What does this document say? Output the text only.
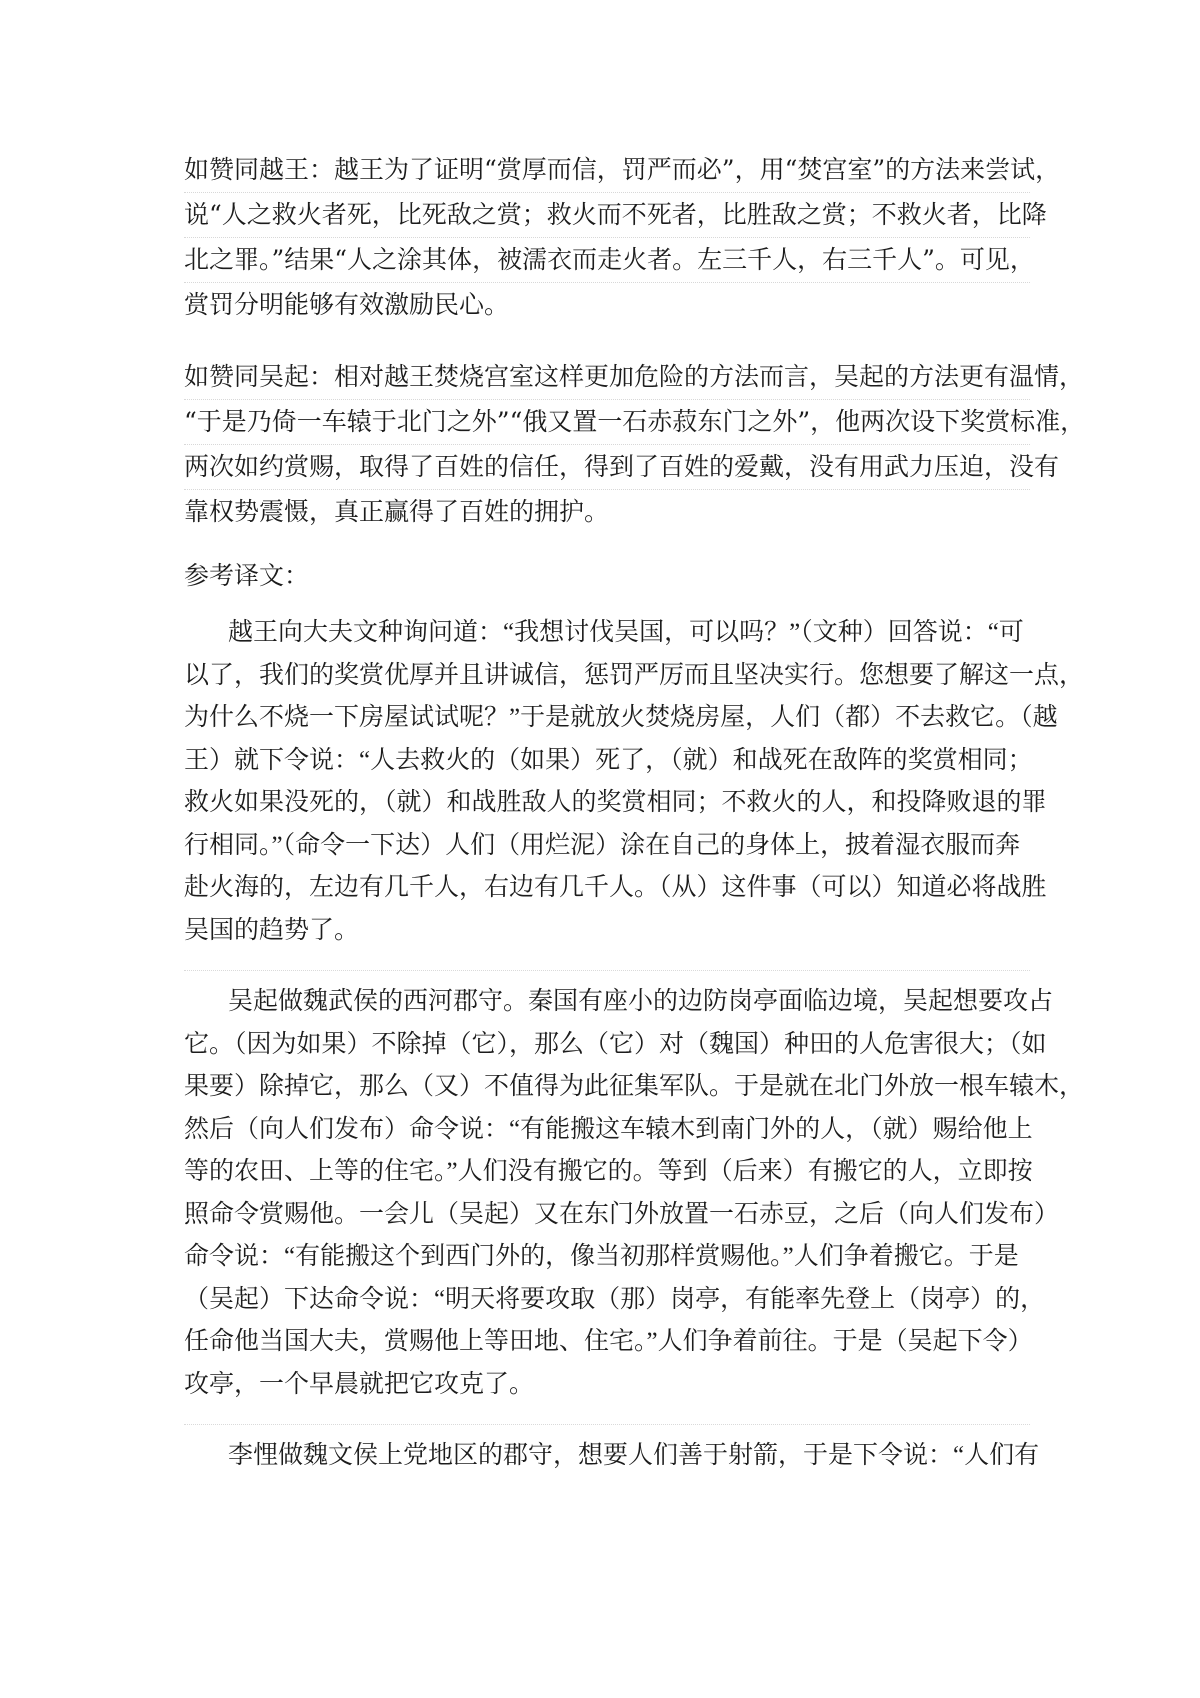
如赞同越王：越王为了证明“赏厚而信，罚严而必”，用“焚宫室”的方法来尝试，
说“人之救火者死，比死敌之赏；救火而不死者，比胜敌之赏；不救火者，比降
北之罪。”结果“人之涂其体，被濡衣而走火者。左三千人，右三千人”。可见，
赏罚分明能够有效激励民心。
如赞同吴起：相对越王焚烧宫室这样更加危险的方法而言，吴起的方法更有温情，
“于是乃倚一车辕于北门之外”“俄又置一石赤菽东门之外”，他两次设下奖赏标准，
两次如约赏赐，取得了百姓的信任，得到了百姓的爱戴，没有用武力压迫，没有
靠权势震慑，真正赢得了百姓的拥护。
参考译文：
越王向大夫文种询问道：“我想讨伐吴国，可以吗？”（文种）回答说：“可
以了，我们的奖赏优厚并且讲诚信，惩罚严厉而且坚决实行。您想要了解这一点，
为什么不烧一下房屋试试呢？”于是就放火焚烧房屋，人们（都）不去救它。（越
王）就下令说：“人去救火的（如果）死了，（就）和战死在敌阵的奖赏相同；
救火如果没死的，（就）和战胜敌人的奖赏相同；不救火的人，和投降败退的罪
行相同。”（命令一下达）人们（用烂泥）涂在自己的身体上，披着湿衣服而奔
赴火海的，左边有几千人，右边有几千人。（从）这件事（可以）知道必将战胜
吴国的趋势了。
吴起做魏武侯的西河郡守。秦国有座小的边防岗亭面临边境，吴起想要攻占
它。（因为如果）不除掉（它），那么（它）对（魏国）种田的人危害很大；（如
果要）除掉它，那么（又）不值得为此征集军队。于是就在北门外放一根车辕木，
然后（向人们发布）命令说：“有能搬这车辕木到南门外的人，（就）赐给他上
等的农田、上等的住宅。”人们没有搬它的。等到（后来）有搬它的人，立即按
照命令赏赐他。一会儿（吴起）又在东门外放置一石赤豆，之后（向人们发布）
命令说：“有能搬这个到西门外的，像当初那样赏赐他。”人们争着搬它。于是
（吴起）下达命令说：“明天将要攻取（那）岗亭，有能率先登上（岗亭）的，
任命他当国大夫，赏赐他上等田地、住宅。”人们争着前往。于是（吴起下令）
攻亭，一个早晨就把它攻克了。
李悝做魏文侯上党地区的郡守，想要人们善于射箭，于是下令说：“人们有
